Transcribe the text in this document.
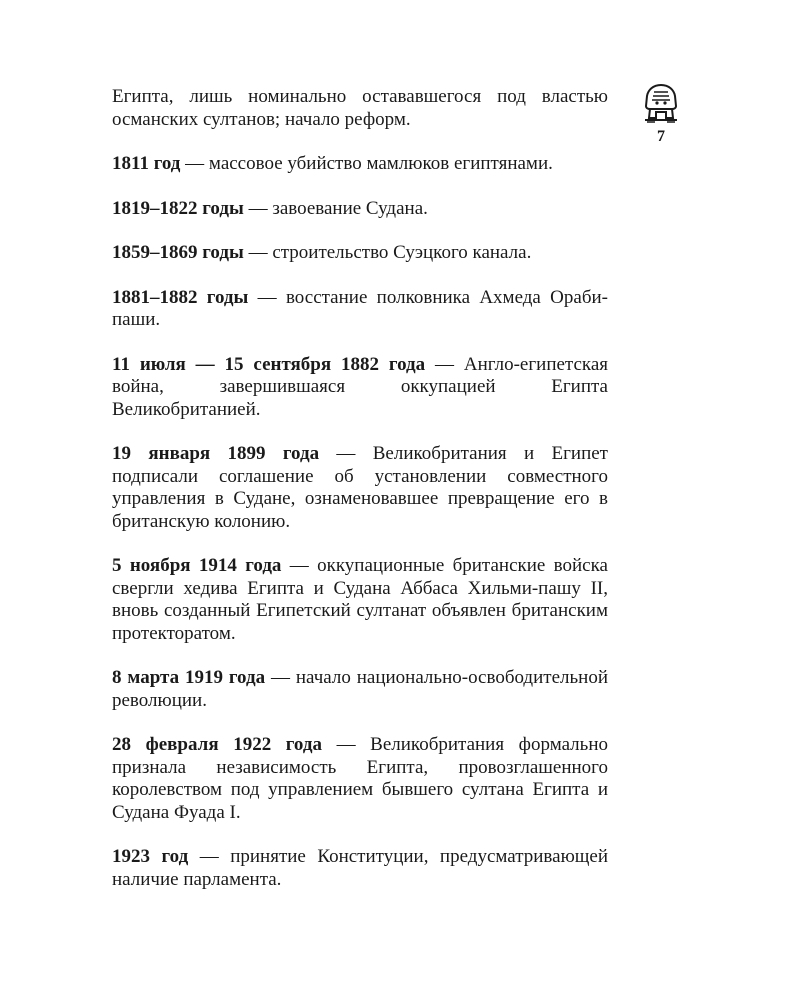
7

Египта, лишь номинально остававшегося под властью османских султанов; начало реформ.

1811 год — массовое убийство мамлюков египтянами.

1819–1822 годы — завоевание Судана.

1859–1869 годы — строительство Суэцкого канала.

1881–1882 годы — восстание полковника Ахмеда Ораби-паши.

11 июля — 15 сентября 1882 года — Англо-египетская война, завершившаяся оккупацией Египта Великобританией.

19 января 1899 года — Великобритания и Египет подписали соглашение об установлении совместного управления в Судане, ознаменовавшее превращение его в британскую колонию.

5 ноября 1914 года — оккупационные британские войска свергли хедива Египта и Судана Аббаса Хильми-пашу II, вновь созданный Египетский султанат объявлен британским протекторатом.

8 марта 1919 года — начало национально-освободительной революции.

28 февраля 1922 года — Великобритания формально признала независимость Египта, провозглашенного королевством под управлением бывшего султана Египта и Судана Фуада I.

1923 год — принятие Конституции, предусматривающей наличие парламента.
